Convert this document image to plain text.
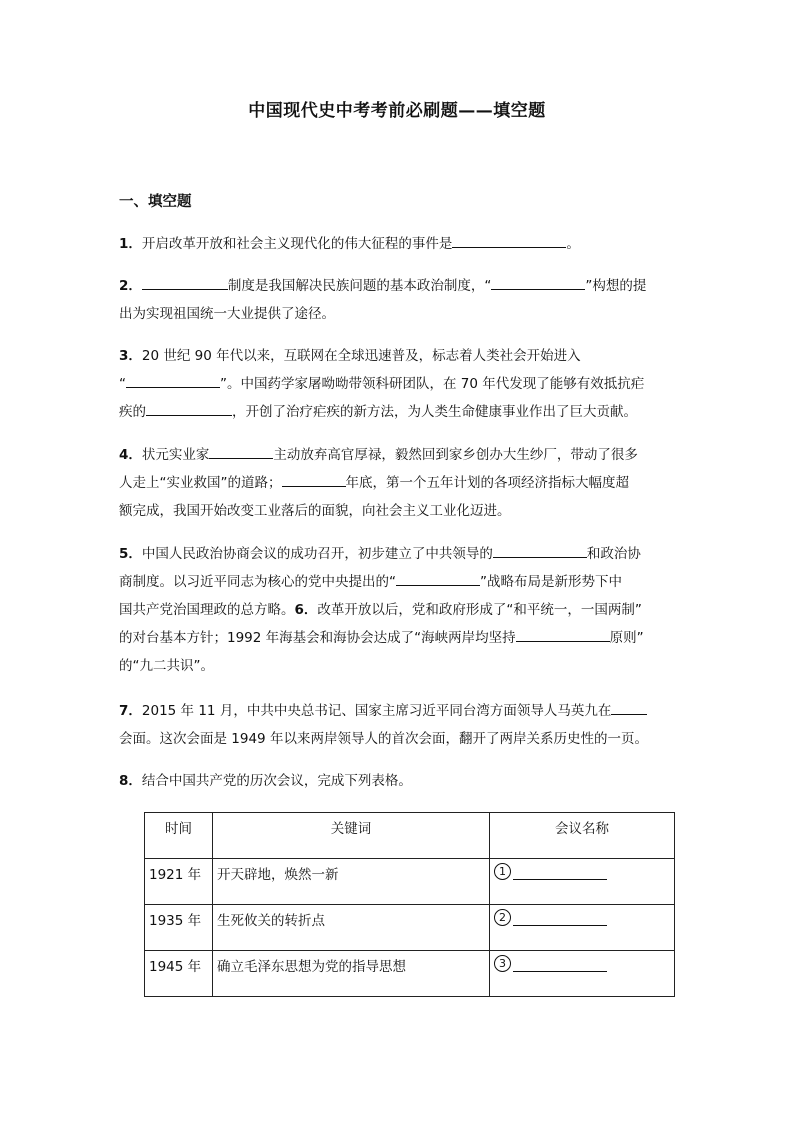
中国现代史中考考前必刷题——填空题
一、填空题
1．开启改革开放和社会主义现代化的伟大征程的事件是	。
2．	制度是我国解决民族问题的基本政治制度，“	”构想的提
出为实现祖国统一大业提供了途径。
3．20 世纪 90 年代以来，互联网在全球迅速普及，标志着人类社会开始进入
“	”。中国药学家屠呦呦带领科研团队，在 70 年代发现了能够有效抵抗疟
疾的	，开创了治疗疟疾的新方法，为人类生命健康事业作出了巨大贡献。
4．状元实业家	主动放弃高官厚禄，毅然回到家乡创办大生纱厂，带动了很多
人走上“实业救国”的道路；	年底，第一个五年计划的各项经济指标大幅度超
额完成，我国开始改变工业落后的面貌，向社会主义工业化迈进。
5．中国人民政治协商会议的成功召开，初步建立了中共领导的	和政治协
商制度。以习近平同志为核心的党中央提出的“	”战略布局是新形势下中
国共产党治国理政的总方略。6．改革开放以后，党和政府形成了“和平统一，一国两制”
的对台基本方针；1992 年海基会和海协会达成了“海峡两岸均坚持	原则”
的“九二共识”。
7．2015 年 11 月，中共中央总书记、国家主席习近平同台湾方面领导人马英九在
会面。这次会面是 1949 年以来两岸领导人的首次会面，翻开了两岸关系历史性的一页。
8．结合中国共产党的历次会议，完成下列表格。
时间	关键词	会议名称
1921 年	开天辟地，焕然一新	1
1935 年	生死攸关的转折点	2
1945 年	确立毛泽东思想为党的指导思想	3
